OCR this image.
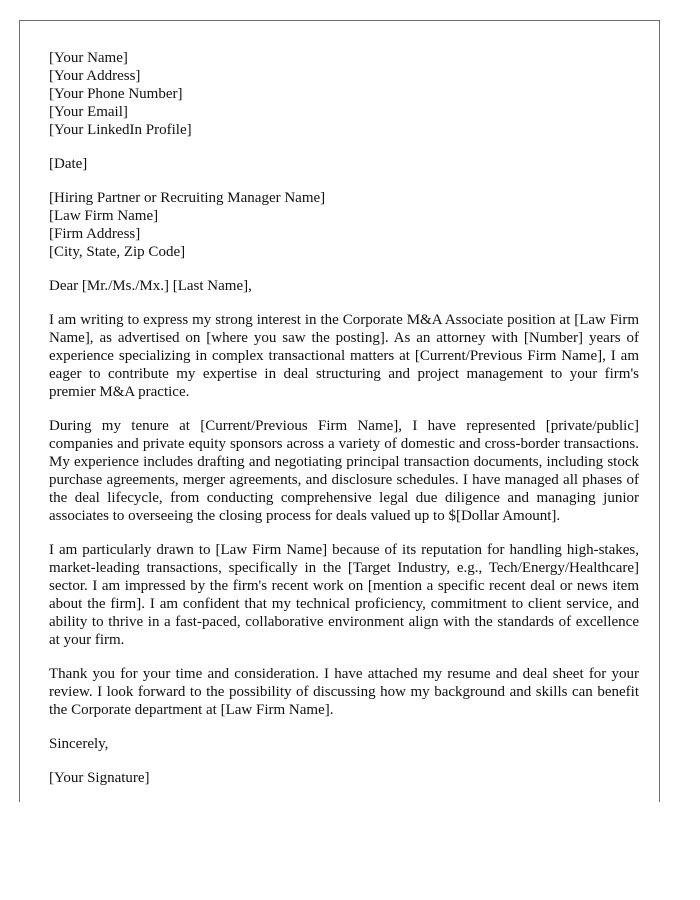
[Your Name]
[Your Address]
[Your Phone Number]
[Your Email]
[Your LinkedIn Profile]
[Date]
[Hiring Partner or Recruiting Manager Name]
[Law Firm Name]
[Firm Address]
[City, State, Zip Code]
Dear [Mr./Ms./Mx.] [Last Name],

I am writing to express my strong interest in the Corporate M&A Associate position at [Law Firm Name], as advertised on [where you saw the posting]. As an attorney with [Number] years of experience specializing in complex transactional matters at [Current/Previous Firm Name], I am eager to contribute my expertise in deal structuring and project management to your firm's premier M&A practice.

During my tenure at [Current/Previous Firm Name], I have represented [private/public] companies and private equity sponsors across a variety of domestic and cross-border transactions. My experience includes drafting and negotiating principal transaction documents, including stock purchase agreements, merger agreements, and disclosure schedules. I have managed all phases of the deal lifecycle, from conducting comprehensive legal due diligence and managing junior associates to overseeing the closing process for deals valued up to $[Dollar Amount].

I am particularly drawn to [Law Firm Name] because of its reputation for handling high-stakes, market-leading transactions, specifically in the [Target Industry, e.g., Tech/Energy/Healthcare] sector. I am impressed by the firm's recent work on [mention a specific recent deal or news item about the firm]. I am confident that my technical proficiency, commitment to client service, and ability to thrive in a fast-paced, collaborative environment align with the standards of excellence at your firm.

Thank you for your time and consideration. I have attached my resume and deal sheet for your review. I look forward to the possibility of discussing how my background and skills can benefit the Corporate department at [Law Firm Name].

Sincerely,
[Your Signature]
